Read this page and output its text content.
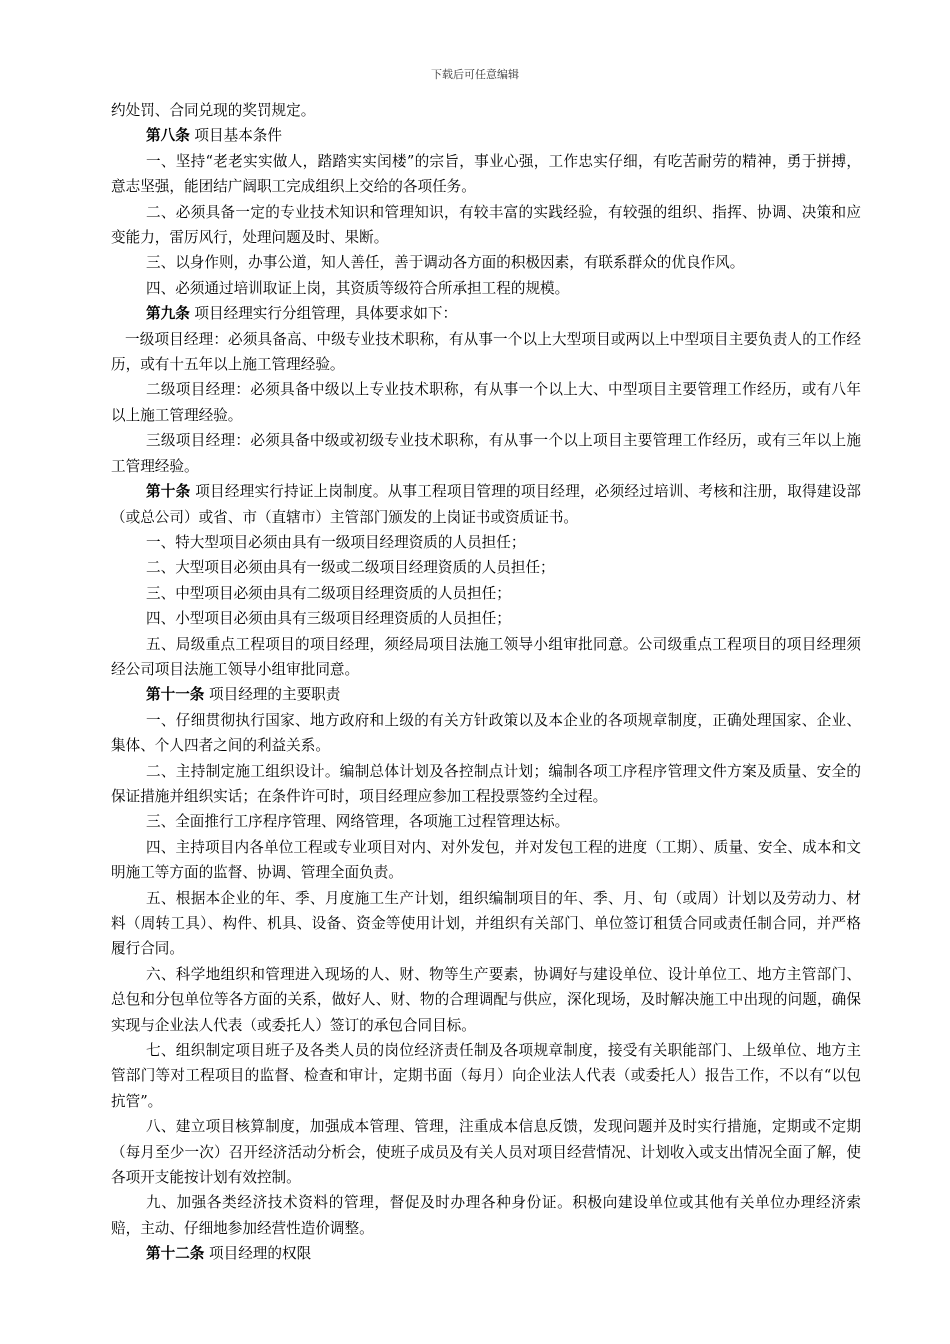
下载后可任意编辑

约处罚、合同兑现的奖罚规定。

第八条 项目基本条件

一、坚持“老老实实做人，踏踏实实闰楼”的宗旨，事业心强，工作忠实仔细，有吃苦耐劳的精神，勇于拼搏，意志坚强，能团结广阔职工完成组织上交给的各项任务。

二、必须具备一定的专业技术知识和管理知识，有较丰富的实践经验，有较强的组织、指挥、协调、决策和应变能力，雷厉风行，处理问题及时、果断。

三、以身作则，办事公道，知人善任，善于调动各方面的积极因素，有联系群众的优良作风。

四、必须通过培训取证上岗，其资质等级符合所承担工程的规模。

第九条 项目经理实行分组管理，具体要求如下：

一级项目经理：必须具备高、中级专业技术职称，有从事一个以上大型项目或两以上中型项目主要负责人的工作经历，或有十五年以上施工管理经验。

二级项目经理：必须具备中级以上专业技术职称，有从事一个以上大、中型项目主要管理工作经历，或有八年以上施工管理经验。

三级项目经理：必须具备中级或初级专业技术职称，有从事一个以上项目主要管理工作经历，或有三年以上施工管理经验。

第十条 项目经理实行持证上岗制度。从事工程项目管理的项目经理，必须经过培训、考核和注册，取得建设部（或总公司）或省、市（直辖市）主管部门颁发的上岗证书或资质证书。

一、特大型项目必须由具有一级项目经理资质的人员担任；

二、大型项目必须由具有一级或二级项目经理资质的人员担任；

三、中型项目必须由具有二级项目经理资质的人员担任；

四、小型项目必须由具有三级项目经理资质的人员担任；

五、局级重点工程项目的项目经理，须经局项目法施工领导小组审批同意。公司级重点工程项目的项目经理须经公司项目法施工领导小组审批同意。

第十一条 项目经理的主要职责

一、仔细贯彻执行国家、地方政府和上级的有关方针政策以及本企业的各项规章制度，正确处理国家、企业、集体、个人四者之间的利益关系。

二、主持制定施工组织设计。编制总体计划及各控制点计划；编制各项工序程序管理文件方案及质量、安全的保证措施并组织实话；在条件许可时，项目经理应参加工程投票签约全过程。

三、全面推行工序程序管理、网络管理，各项施工过程管理达标。

四、主持项目内各单位工程或专业项目对内、对外发包，并对发包工程的进度（工期）、质量、安全、成本和文明施工等方面的监督、协调、管理全面负责。

五、根据本企业的年、季、月度施工生产计划，组织编制项目的年、季、月、旬（或周）计划以及劳动力、材料（周转工具）、构件、机具、设备、资金等使用计划，并组织有关部门、单位签订租赁合同或责任制合同，并严格履行合同。

六、科学地组织和管理进入现场的人、财、物等生产要素，协调好与建设单位、设计单位工、地方主管部门、总包和分包单位等各方面的关系，做好人、财、物的合理调配与供应，深化现场，及时解决施工中出现的问题，确保实现与企业法人代表（或委托人）签订的承包合同目标。

七、组织制定项目班子及各类人员的岗位经济责任制及各项规章制度，接受有关职能部门、上级单位、地方主管部门等对工程项目的监督、检查和审计，定期书面（每月）向企业法人代表（或委托人）报告工作，不以有“以包抗管”。

八、建立项目核算制度，加强成本管理、管理，注重成本信息反馈，发现问题并及时实行措施，定期或不定期（每月至少一次）召开经济活动分析会，使班子成员及有关人员对项目经营情况、计划收入或支出情况全面了解，使各项开支能按计划有效控制。

九、加强各类经济技术资料的管理，督促及时办理各种身份证。积极向建设单位或其他有关单位办理经济索赔，主动、仔细地参加经营性造价调整。

第十二条 项目经理的权限
